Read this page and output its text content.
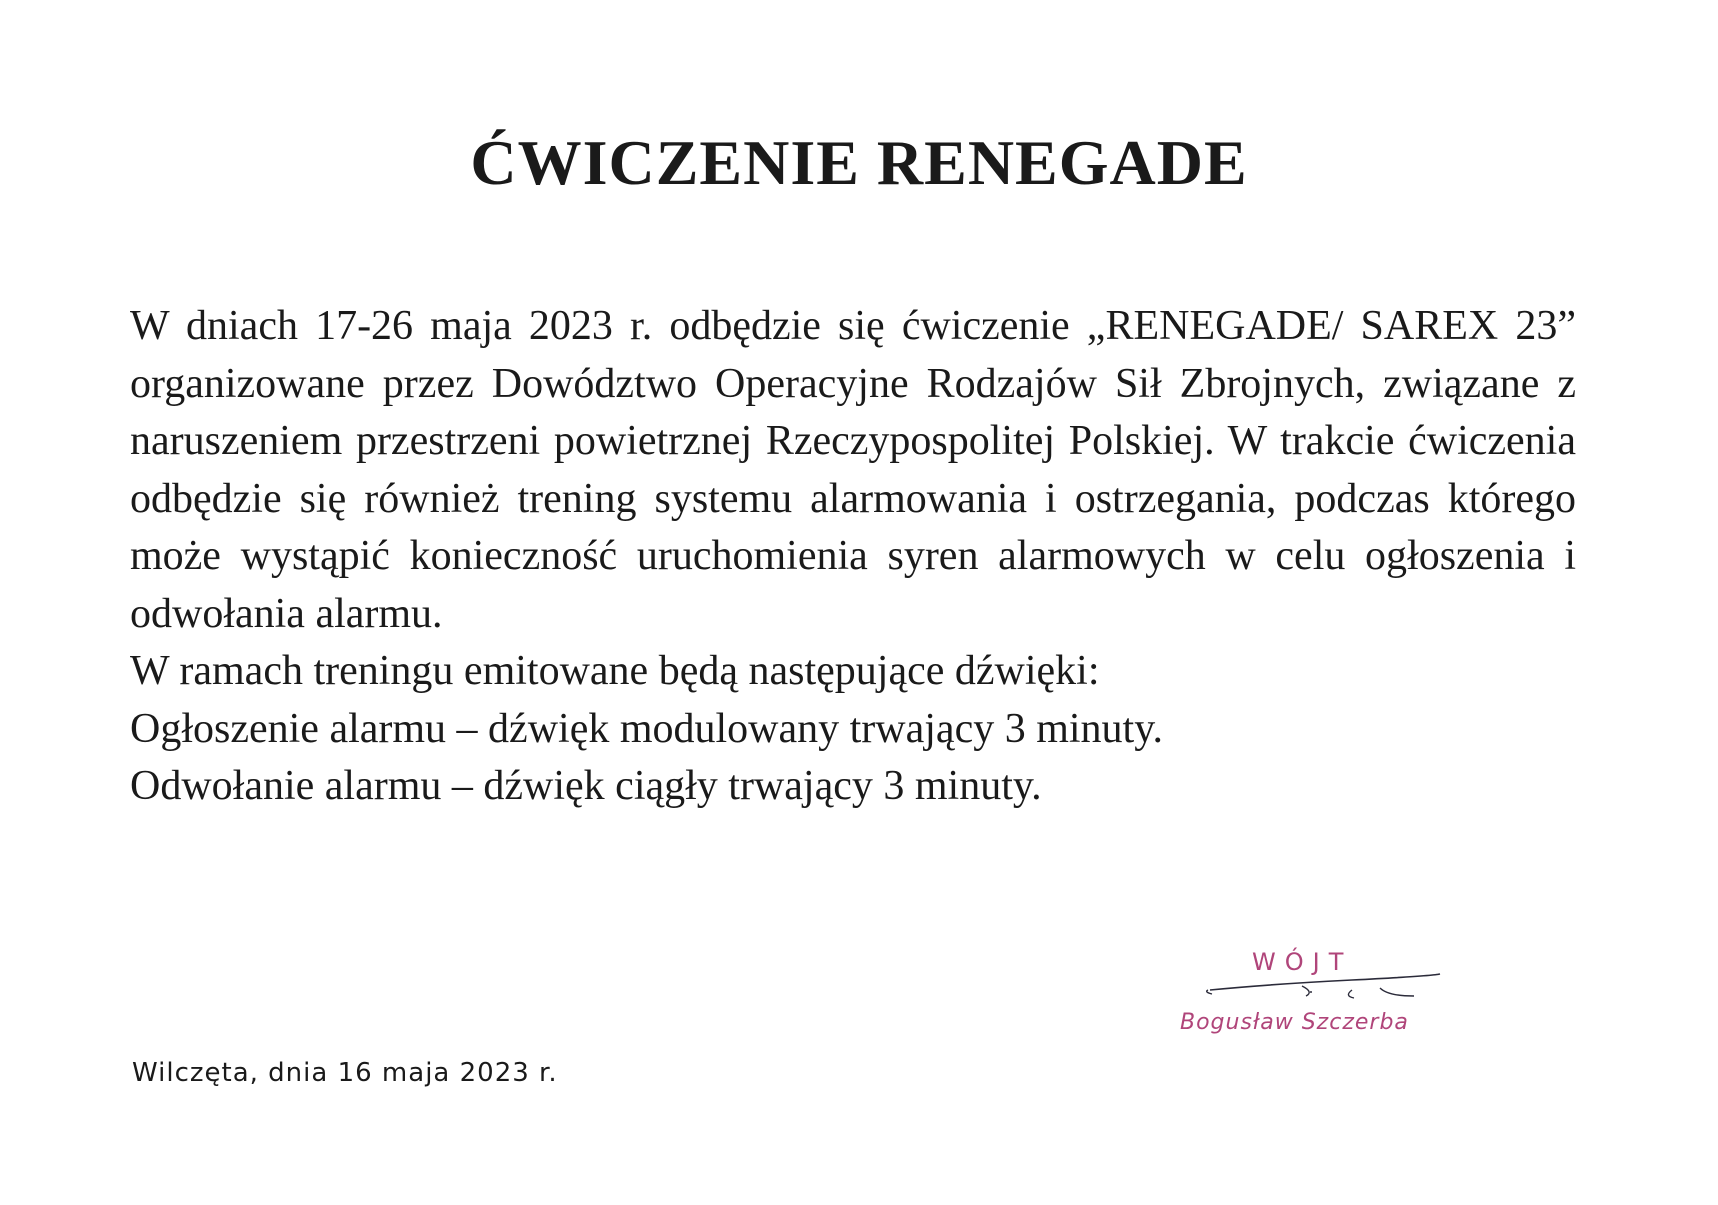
ĆWICZENIE RENEGADE

W dniach 17-26 maja 2023 r. odbędzie się ćwiczenie „RENEGADE/ SAREX 23” organizowane przez Dowództwo Operacyjne Rodzajów Sił Zbrojnych, związane z naruszeniem przestrzeni powietrznej Rzeczypospolitej Polskiej. W trakcie ćwiczenia odbędzie się również trening systemu alarmowania i ostrzegania, podczas którego może wystąpić konieczność uruchomienia syren alarmowych w celu ogłoszenia i odwołania alarmu.

W ramach treningu emitowane będą następujące dźwięki:

Ogłoszenie alarmu – dźwięk modulowany trwający 3 minuty.

Odwołanie alarmu – dźwięk ciągły trwający 3 minuty.

WÓJT
Bogusław Szczerba
Wilczęta, dnia 16 maja 2023 r.
